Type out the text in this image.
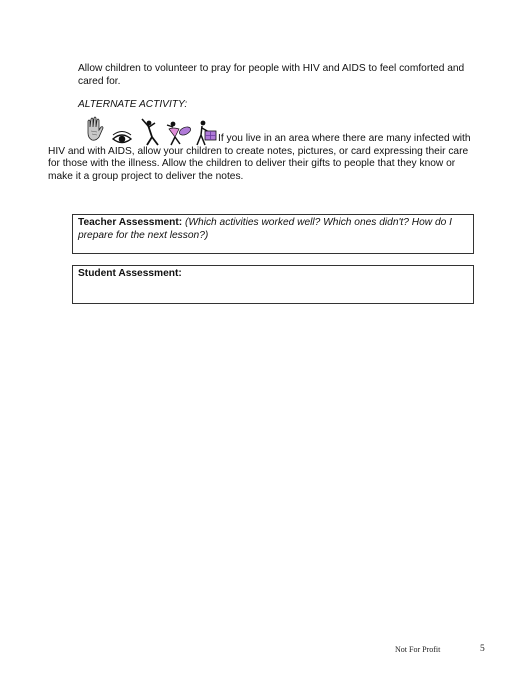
Allow children to volunteer to pray for people with HIV and AIDS to feel comforted and cared for.
ALTERNATE ACTIVITY:
If you live in an area where there are many infected with HIV and with AIDS, allow your children to create notes, pictures, or card expressing their care for those with the illness. Allow the children to deliver their gifts to people that they know or make it a group project to deliver the notes.
Teacher Assessment: (Which activities worked well? Which ones didn't? How do I prepare for the next lesson?)
Student Assessment:
Not For Profit	5
